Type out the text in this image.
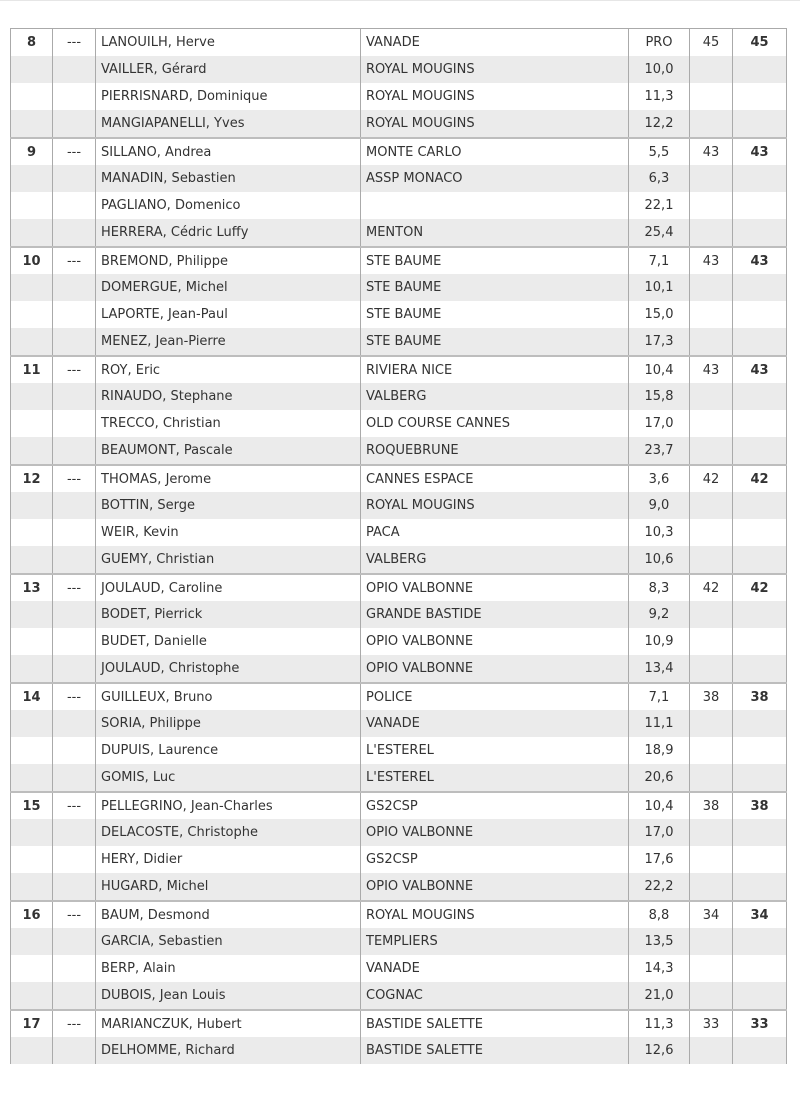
8	---	LANOUILH, Herve	VANADE	PRO	45	45
		VAILLER, Gérard	ROYAL MOUGINS	10,0		
		PIERRISNARD, Dominique	ROYAL MOUGINS	11,3		
		MANGIAPANELLI, Yves	ROYAL MOUGINS	12,2		
9	---	SILLANO, Andrea	MONTE CARLO	5,5	43	43
		MANADIN, Sebastien	ASSP MONACO	6,3		
		PAGLIANO, Domenico		22,1		
		HERRERA, Cédric Luffy	MENTON	25,4		
10	---	BREMOND, Philippe	STE BAUME	7,1	43	43
		DOMERGUE, Michel	STE BAUME	10,1		
		LAPORTE, Jean-Paul	STE BAUME	15,0		
		MENEZ, Jean-Pierre	STE BAUME	17,3		
11	---	ROY, Eric	RIVIERA NICE	10,4	43	43
		RINAUDO, Stephane	VALBERG	15,8		
		TRECCO, Christian	OLD COURSE CANNES	17,0		
		BEAUMONT, Pascale	ROQUEBRUNE	23,7		
12	---	THOMAS, Jerome	CANNES ESPACE	3,6	42	42
		BOTTIN, Serge	ROYAL MOUGINS	9,0		
		WEIR, Kevin	PACA	10,3		
		GUEMY, Christian	VALBERG	10,6		
13	---	JOULAUD, Caroline	OPIO VALBONNE	8,3	42	42
		BODET, Pierrick	GRANDE BASTIDE	9,2		
		BUDET, Danielle	OPIO VALBONNE	10,9		
		JOULAUD, Christophe	OPIO VALBONNE	13,4		
14	---	GUILLEUX, Bruno	POLICE	7,1	38	38
		SORIA, Philippe	VANADE	11,1		
		DUPUIS, Laurence	L'ESTEREL	18,9		
		GOMIS, Luc	L'ESTEREL	20,6		
15	---	PELLEGRINO, Jean-Charles	GS2CSP	10,4	38	38
		DELACOSTE, Christophe	OPIO VALBONNE	17,0		
		HERY, Didier	GS2CSP	17,6		
		HUGARD, Michel	OPIO VALBONNE	22,2		
16	---	BAUM, Desmond	ROYAL MOUGINS	8,8	34	34
		GARCIA, Sebastien	TEMPLIERS	13,5		
		BERP, Alain	VANADE	14,3		
		DUBOIS, Jean Louis	COGNAC	21,0		
17	---	MARIANCZUK, Hubert	BASTIDE SALETTE	11,3	33	33
		DELHOMME, Richard	BASTIDE SALETTE	12,6		
